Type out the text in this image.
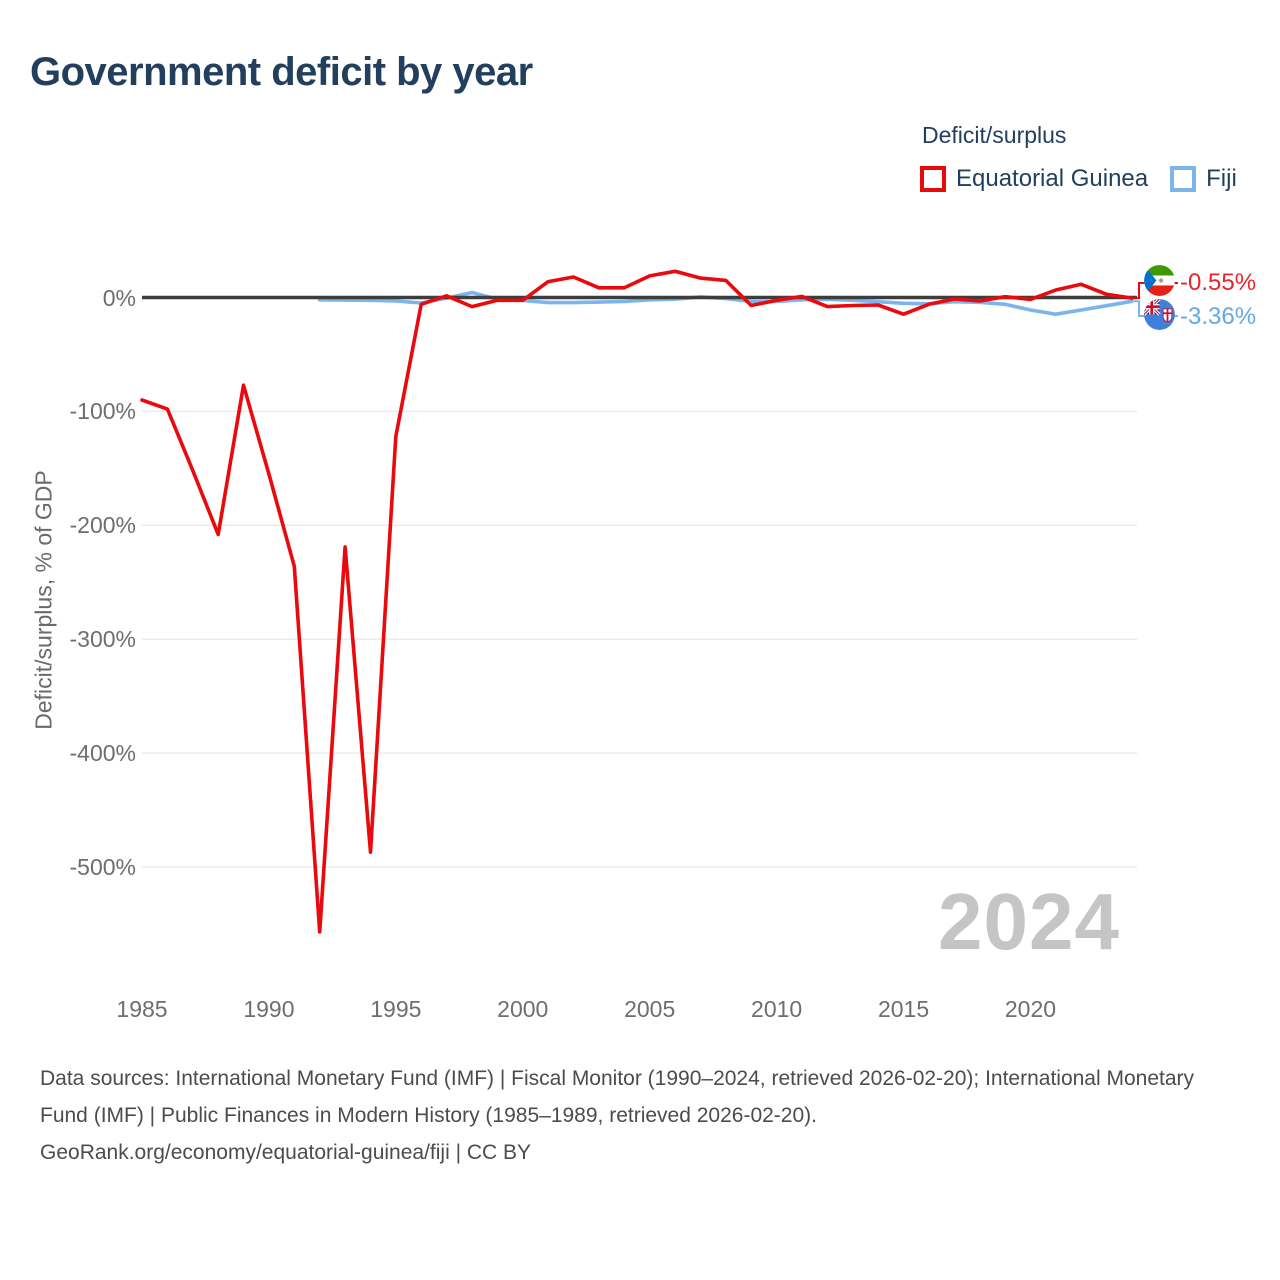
Government deficit by year
Deficit/surplus
Equatorial Guinea Fiji
Deficit/surplus, % of GDP
0%
-100%
-200%
-300%
-400%
-500%
1985	1990	1995	2000	2005	2010	2015	2020
2024
-0.55%
-3.36%

Data sources: International Monetary Fund (IMF) | Fiscal Monitor (1990–2024, retrieved 2026-02-20); International Monetary Fund (IMF) | Public Finances in Modern History (1985–1989, retrieved 2026-02-20).

GeoRank.org/economy/equatorial-guinea/fiji | CC BY
